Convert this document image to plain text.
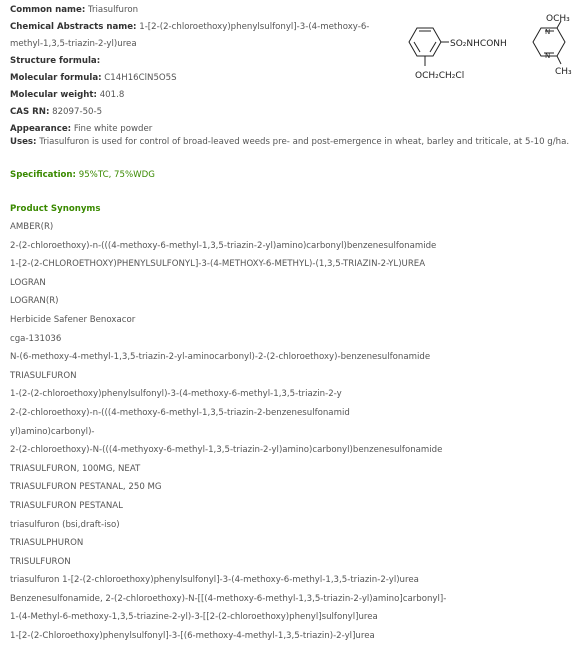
Common name: Triasulfuron

Chemical Abstracts name: 1-[2-(2-chloroethoxy)phenylsulfonyl]-3-(4-methoxy-6-

methyl-1,3,5-triazin-2-yl)urea

Structure formula:

Molecular formula: C14H16ClN5O5S

Molecular weight: 401.8

CAS RN: 82097-50-5

Appearance: Fine white powder

SO₂NHCONH
OCH₃
CH₃
OCH₂CH₂Cl
N
N
Uses: Triasulfuron is used for control of broad-leaved weeds pre- and post-emergence in wheat, barley and triticale, at 5-10 g/ha.
Specification: 95%TC, 75%WDG
Product Synonyms
AMBER(R)
2-(2-chloroethoxy)-n-(((4-methoxy-6-methyl-1,3,5-triazin-2-yl)amino)carbonyl)benzenesulfonamide
1-[2-(2-CHLOROETHOXY)PHENYLSULFONYL]-3-(4-METHOXY-6-METHYL)-(1,3,5-TRIAZIN-2-YL)UREA
LOGRAN
LOGRAN(R)
Herbicide Safener Benoxacor
cga-131036
N-(6-methoxy-4-methyl-1,3,5-triazin-2-yl-aminocarbonyl)-2-(2-chloroethoxy)-benzenesulfonamide
TRIASULFURON
1-(2-(2-chloroethoxy)phenylsulfonyl)-3-(4-methoxy-6-methyl-1,3,5-triazin-2-y
2-(2-chloroethoxy)-n-(((4-methoxy-6-methyl-1,3,5-triazin-2-benzenesulfonamid
yl)amino)carbonyl)-
2-(2-chloroethoxy)-N-(((4-methyoxy-6-methyl-1,3,5-triazin-2-yl)amino)carbonyl)benzenesulfonamide
TRIASULFURON, 100MG, NEAT
TRIASULFURON PESTANAL, 250 MG
TRIASULFURON PESTANAL
triasulfuron (bsi,draft-iso)
TRIASULPHURON
TRISULFURON
triasulfuron 1-[2-(2-chloroethoxy)phenylsulfonyl]-3-(4-methoxy-6-methyl-1,3,5-triazin-2-yl)urea
Benzenesulfonamide, 2-(2-chloroethoxy)-N-[[(4-methoxy-6-methyl-1,3,5-triazin-2-yl)amino]carbonyl]-
1-(4-Methyl-6-methoxy-1,3,5-triazine-2-yl)-3-[[2-(2-chloroethoxy)phenyl]sulfonyl]urea
1-[2-(2-Chloroethoxy)phenylsulfonyl]-3-[(6-methoxy-4-methyl-1,3,5-triazin)-2-yl]urea
